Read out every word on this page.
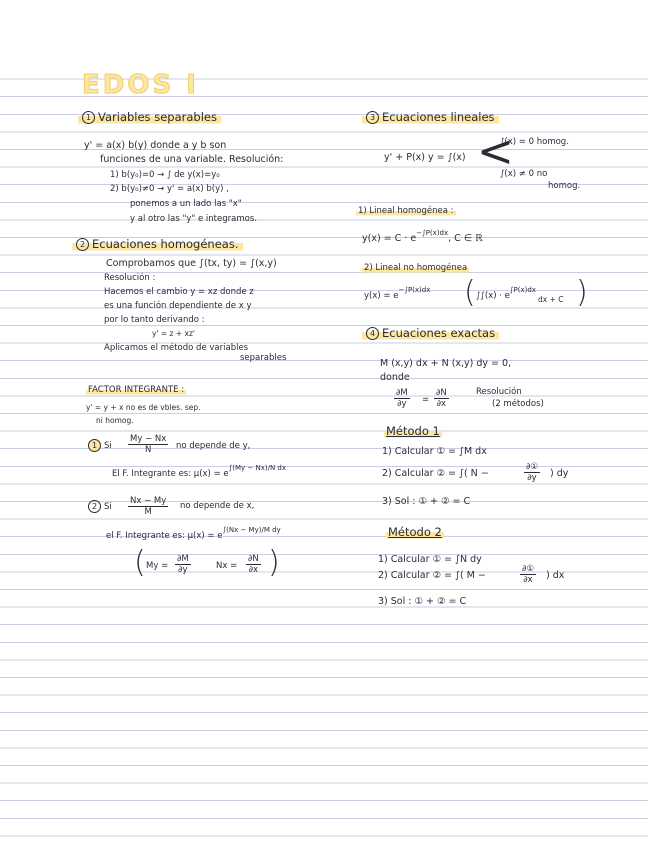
EDOS I
1 Variables separables
y' = a(x) b(y) donde a y b son
funciones de una variable. Resolución:
1) b(y₀)=0 → ∫ de y(x)=y₀
2) b(y₀)≠0 → y' = a(x) b(y) ,
ponemos a un lado las "x"
y al otro las "y" e integramos.
2 Ecuaciones homogéneas.
Comprobamos que ∫(tx, ty) = ∫(x,y)
Resolución :
Hacemos el cambio y = xz donde z
es una función dependiente de x y
por lo tanto derivando :
y' = z + xz'
Aplicamos el método de variables
separables
FACTOR INTEGRANTE :
y' = y + x no es de vbles. sep.
ni homog.
1 Si $\frac{My - Nx}{N}$ no depende de y,
El F. Integrante es: $\mu(x) = e^{\int(My - Nx)/N dx}$
2 Si $\frac{Nx - My}{M}$ no depende de x,
el F. Integrante es: $\mu(x) = e^{\int(Nx - My)/M dy}$
( $My = \frac{\partial M}{\partial y}$	$Nx = \frac{\partial N}{\partial x}$ )
3 Ecuaciones lineales
y' + P(x) y = ∫(x) <
∫(x) = 0 homog.
∫(x) ≠ 0 no
homog.
1) Lineal homogénea :
$y(x) = C \cdot e^{-\int P(x)dx}$, C ∈ ℝ
2) Lineal no homogénea
$y(x) = e^{-\int P(x)dx}$ ( $\int\int(x) \cdot e^{\int P(x)dx}$
dx + C )
4 Ecuaciones exactas
M (x,y) dx + N (x,y) dy = 0,
donde
$\frac{\partial M}{\partial y} = \frac{\partial N}{\partial x}$	Resolución
(2 métodos)
Método 1
1) Calcular ① = ∫M dx
2) Calcular ② = ∫( N −
∂①
∂y	) dy
3) Sol : ① + ② = C
Método 2
1) Calcular ① = ∫N dy
2) Calcular ② = ∫( M −
∂①
∂x	) dx
3) Sol : ① + ② = C
